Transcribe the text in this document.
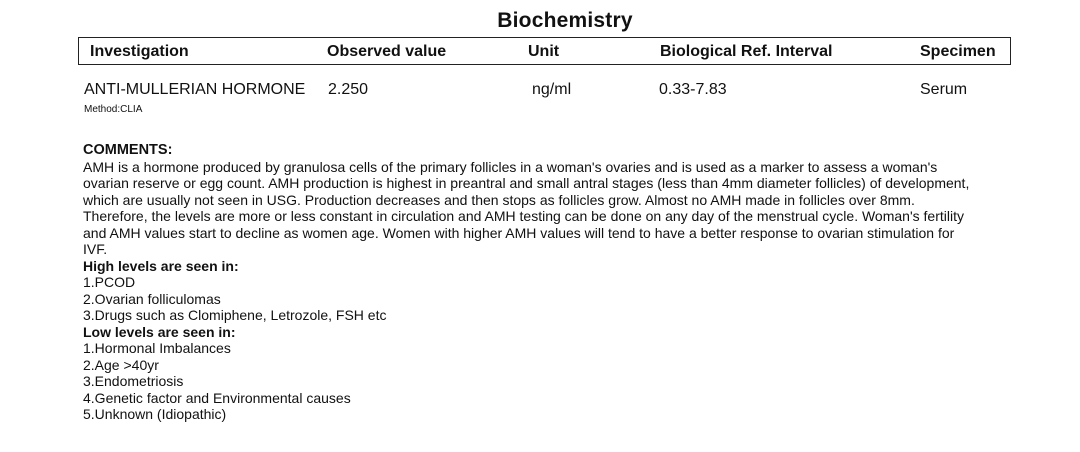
Biochemistry
Investigation	Observed value	Unit	Biological Ref. Interval	Specimen
ANTI-MULLERIAN HORMONE 2.250	ng/ml	0.33-7.83	Serum
Method:CLIA
COMMENTS:

AMH is a hormone produced by granulosa cells of the primary follicles in a woman's ovaries and is used as a marker to assess a woman's
ovarian reserve or egg count. AMH production is highest in preantral and small antral stages (less than 4mm diameter follicles) of development,
which are usually not seen in USG. Production decreases and then stops as follicles grow. Almost no AMH made in follicles over 8mm.
Therefore, the levels are more or less constant in circulation and AMH testing can be done on any day of the menstrual cycle. Woman's fertility
and AMH values start to decline as women age. Women with higher AMH values will tend to have a better response to ovarian stimulation for
IVF.

High levels are seen in:
1.PCOD
2.Ovarian folliculomas
3.Drugs such as Clomiphene, Letrozole, FSH etc
Low levels are seen in:
1.Hormonal Imbalances
2.Age >40yr
3.Endometriosis
4.Genetic factor and Environmental causes
5.Unknown (Idiopathic)
